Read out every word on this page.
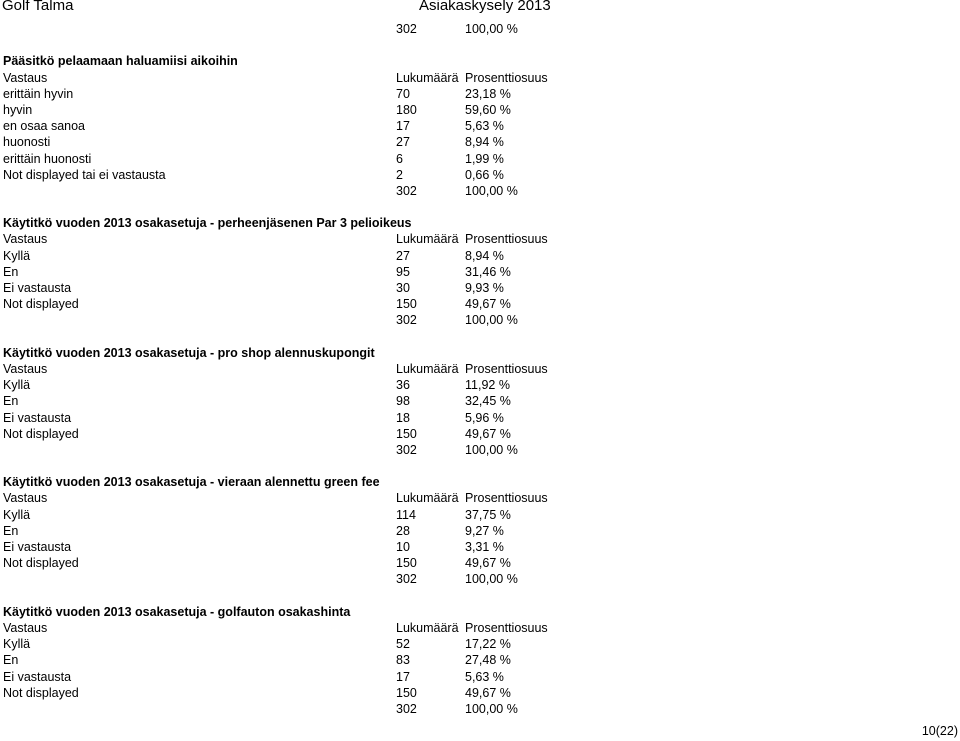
Golf Talma	Asiakaskysely 2013
302	100,00 %
Pääsitkö pelaamaan haluamiisi aikoihin
Vastaus	Lukumäärä Prosenttiosuus
erittäin hyvin	70	23,18 %
hyvin	180	59,60 %
en osaa sanoa	17	5,63 %
huonosti	27	8,94 %
erittäin huonosti	6	1,99 %
Not displayed tai ei vastausta	2	0,66 %
302	100,00 %
Käytitkö vuoden 2013 osakasetuja - perheenjäsenen Par 3 pelioikeus
Vastaus	Lukumäärä Prosenttiosuus
Kyllä	27	8,94 %
En	95	31,46 %
Ei vastausta	30	9,93 %
Not displayed	150	49,67 %
302	100,00 %
Käytitkö vuoden 2013 osakasetuja - pro shop alennuskupongit
Vastaus	Lukumäärä Prosenttiosuus
Kyllä	36	11,92 %
En	98	32,45 %
Ei vastausta	18	5,96 %
Not displayed	150	49,67 %
302	100,00 %
Käytitkö vuoden 2013 osakasetuja - vieraan alennettu green fee
Vastaus	Lukumäärä Prosenttiosuus
Kyllä	114	37,75 %
En	28	9,27 %
Ei vastausta	10	3,31 %
Not displayed	150	49,67 %
302	100,00 %
Käytitkö vuoden 2013 osakasetuja - golfauton osakashinta
Vastaus	Lukumäärä Prosenttiosuus
Kyllä	52	17,22 %
En	83	27,48 %
Ei vastausta	17	5,63 %
Not displayed	150	49,67 %
302	100,00 %
10(22)
